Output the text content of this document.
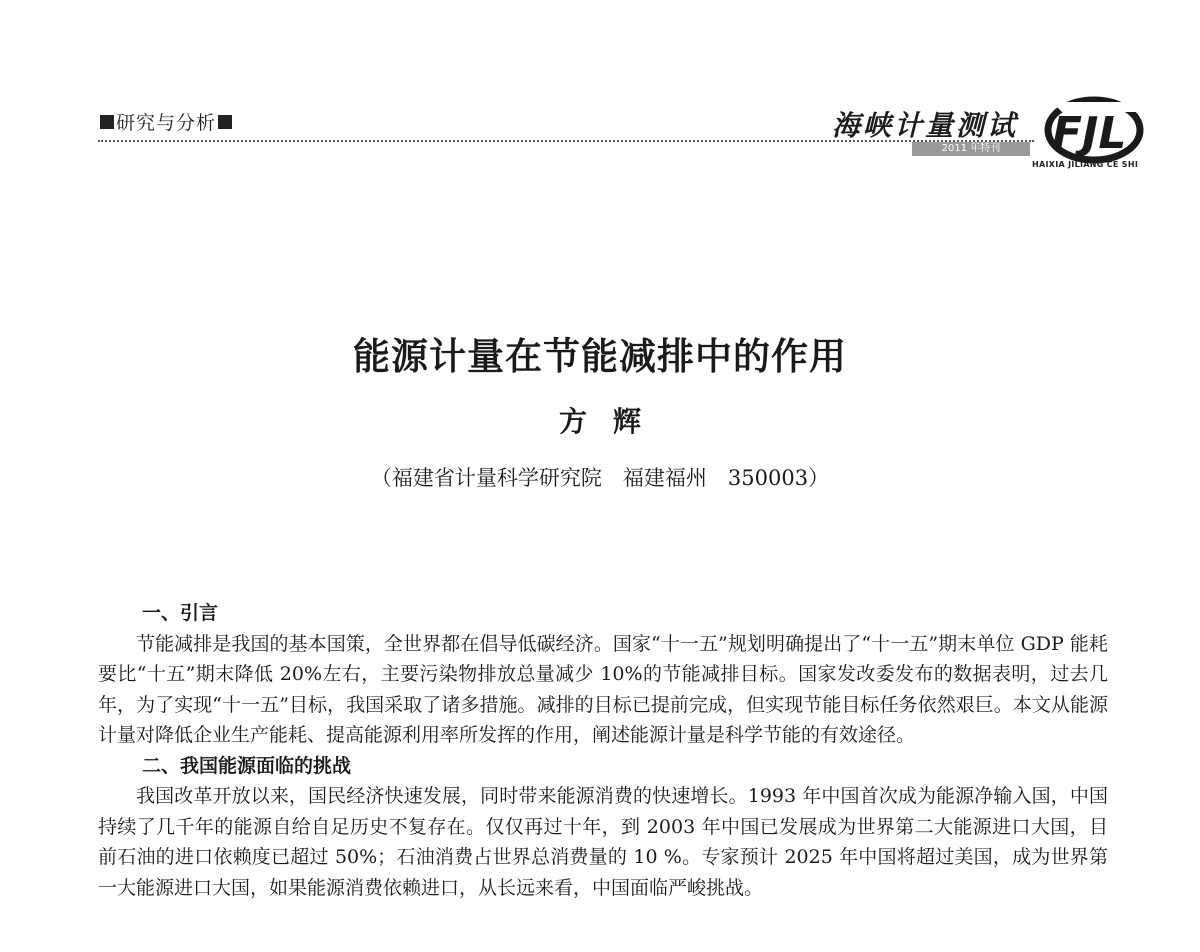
研究与分析	海峡计量测试
2011 年特刊	FJL
HAIXIA JILIANG CE SHI
能源计量在节能减排中的作用
方辉
（福建省计量科学研究院　福建福州　350003）
一、引言

节能减排是我国的基本国策，全世界都在倡导低碳经济。国家“十一五”规划明确提出了“十一五”期末单位 GDP 能耗要比“十五”期末降低 20%左右，主要污染物排放总量减少 10%的节能减排目标。国家发改委发布的数据表明，过去几年，为了实现“十一五”目标，我国采取了诸多措施。减排的目标已提前完成，但实现节能目标任务依然艰巨。本文从能源计量对降低企业生产能耗、提高能源利用率所发挥的作用，阐述能源计量是科学节能的有效途径。

二、我国能源面临的挑战

我国改革开放以来，国民经济快速发展，同时带来能源消费的快速增长。1993 年中国首次成为能源净输入国，中国持续了几千年的能源自给自足历史不复存在。仅仅再过十年，到 2003 年中国已发展成为世界第二大能源进口大国，目前石油的进口依赖度已超过 50%；石油消费占世界总消费量的 10 %。专家预计 2025 年中国将超过美国，成为世界第一大能源进口大国，如果能源消费依赖进口，从长远来看，中国面临严峻挑战。
